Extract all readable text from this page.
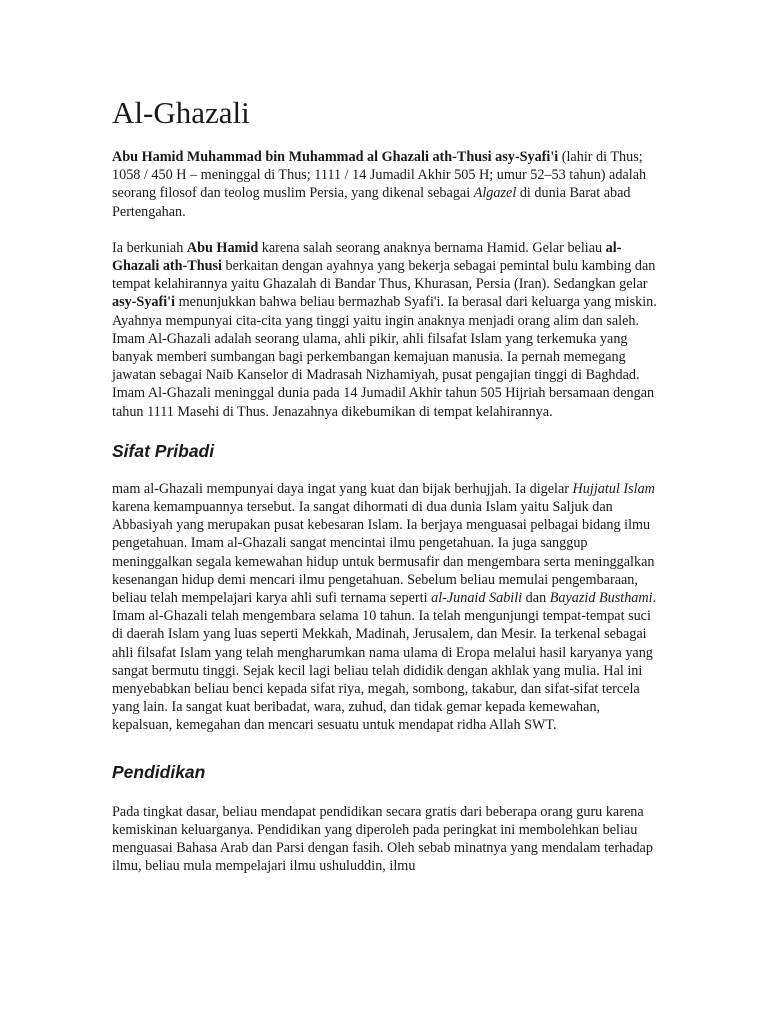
Al-Ghazali

Abu Hamid Muhammad bin Muhammad al Ghazali ath-Thusi asy-Syafi'i (lahir di Thus; 1058 / 450 H – meninggal di Thus; 1111 / 14 Jumadil Akhir 505 H; umur 52–53 tahun) adalah seorang filosof dan teolog muslim Persia, yang dikenal sebagai Algazel di dunia Barat abad Pertengahan.

Ia berkuniah Abu Hamid karena salah seorang anaknya bernama Hamid. Gelar beliau al-Ghazali ath-Thusi berkaitan dengan ayahnya yang bekerja sebagai pemintal bulu kambing dan tempat kelahirannya yaitu Ghazalah di Bandar Thus, Khurasan, Persia (Iran). Sedangkan gelar asy-Syafi'i menunjukkan bahwa beliau bermazhab Syafi'i. Ia berasal dari keluarga yang miskin. Ayahnya mempunyai cita-cita yang tinggi yaitu ingin anaknya menjadi orang alim dan saleh. Imam Al-Ghazali adalah seorang ulama, ahli pikir, ahli filsafat Islam yang terkemuka yang banyak memberi sumbangan bagi perkembangan kemajuan manusia. Ia pernah memegang jawatan sebagai Naib Kanselor di Madrasah Nizhamiyah, pusat pengajian tinggi di Baghdad. Imam Al-Ghazali meninggal dunia pada 14 Jumadil Akhir tahun 505 Hijriah bersamaan dengan tahun 1111 Masehi di Thus. Jenazahnya dikebumikan di tempat kelahirannya.

Sifat Pribadi

mam al-Ghazali mempunyai daya ingat yang kuat dan bijak berhujjah. Ia digelar Hujjatul Islam karena kemampuannya tersebut. Ia sangat dihormati di dua dunia Islam yaitu Saljuk dan Abbasiyah yang merupakan pusat kebesaran Islam. Ia berjaya menguasai pelbagai bidang ilmu pengetahuan. Imam al-Ghazali sangat mencintai ilmu pengetahuan. Ia juga sanggup meninggalkan segala kemewahan hidup untuk bermusafir dan mengembara serta meninggalkan kesenangan hidup demi mencari ilmu pengetahuan. Sebelum beliau memulai pengembaraan, beliau telah mempelajari karya ahli sufi ternama seperti al-Junaid Sabili dan Bayazid Busthami. Imam al-Ghazali telah mengembara selama 10 tahun. Ia telah mengunjungi tempat-tempat suci di daerah Islam yang luas seperti Mekkah, Madinah, Jerusalem, dan Mesir. Ia terkenal sebagai ahli filsafat Islam yang telah mengharumkan nama ulama di Eropa melalui hasil karyanya yang sangat bermutu tinggi. Sejak kecil lagi beliau telah dididik dengan akhlak yang mulia. Hal ini menyebabkan beliau benci kepada sifat riya, megah, sombong, takabur, dan sifat-sifat tercela yang lain. Ia sangat kuat beribadat, wara, zuhud, dan tidak gemar kepada kemewahan, kepalsuan, kemegahan dan mencari sesuatu untuk mendapat ridha Allah SWT.

Pendidikan

Pada tingkat dasar, beliau mendapat pendidikan secara gratis dari beberapa orang guru karena kemiskinan keluarganya. Pendidikan yang diperoleh pada peringkat ini membolehkan beliau menguasai Bahasa Arab dan Parsi dengan fasih. Oleh sebab minatnya yang mendalam terhadap ilmu, beliau mula mempelajari ilmu ushuluddin, ilmu
